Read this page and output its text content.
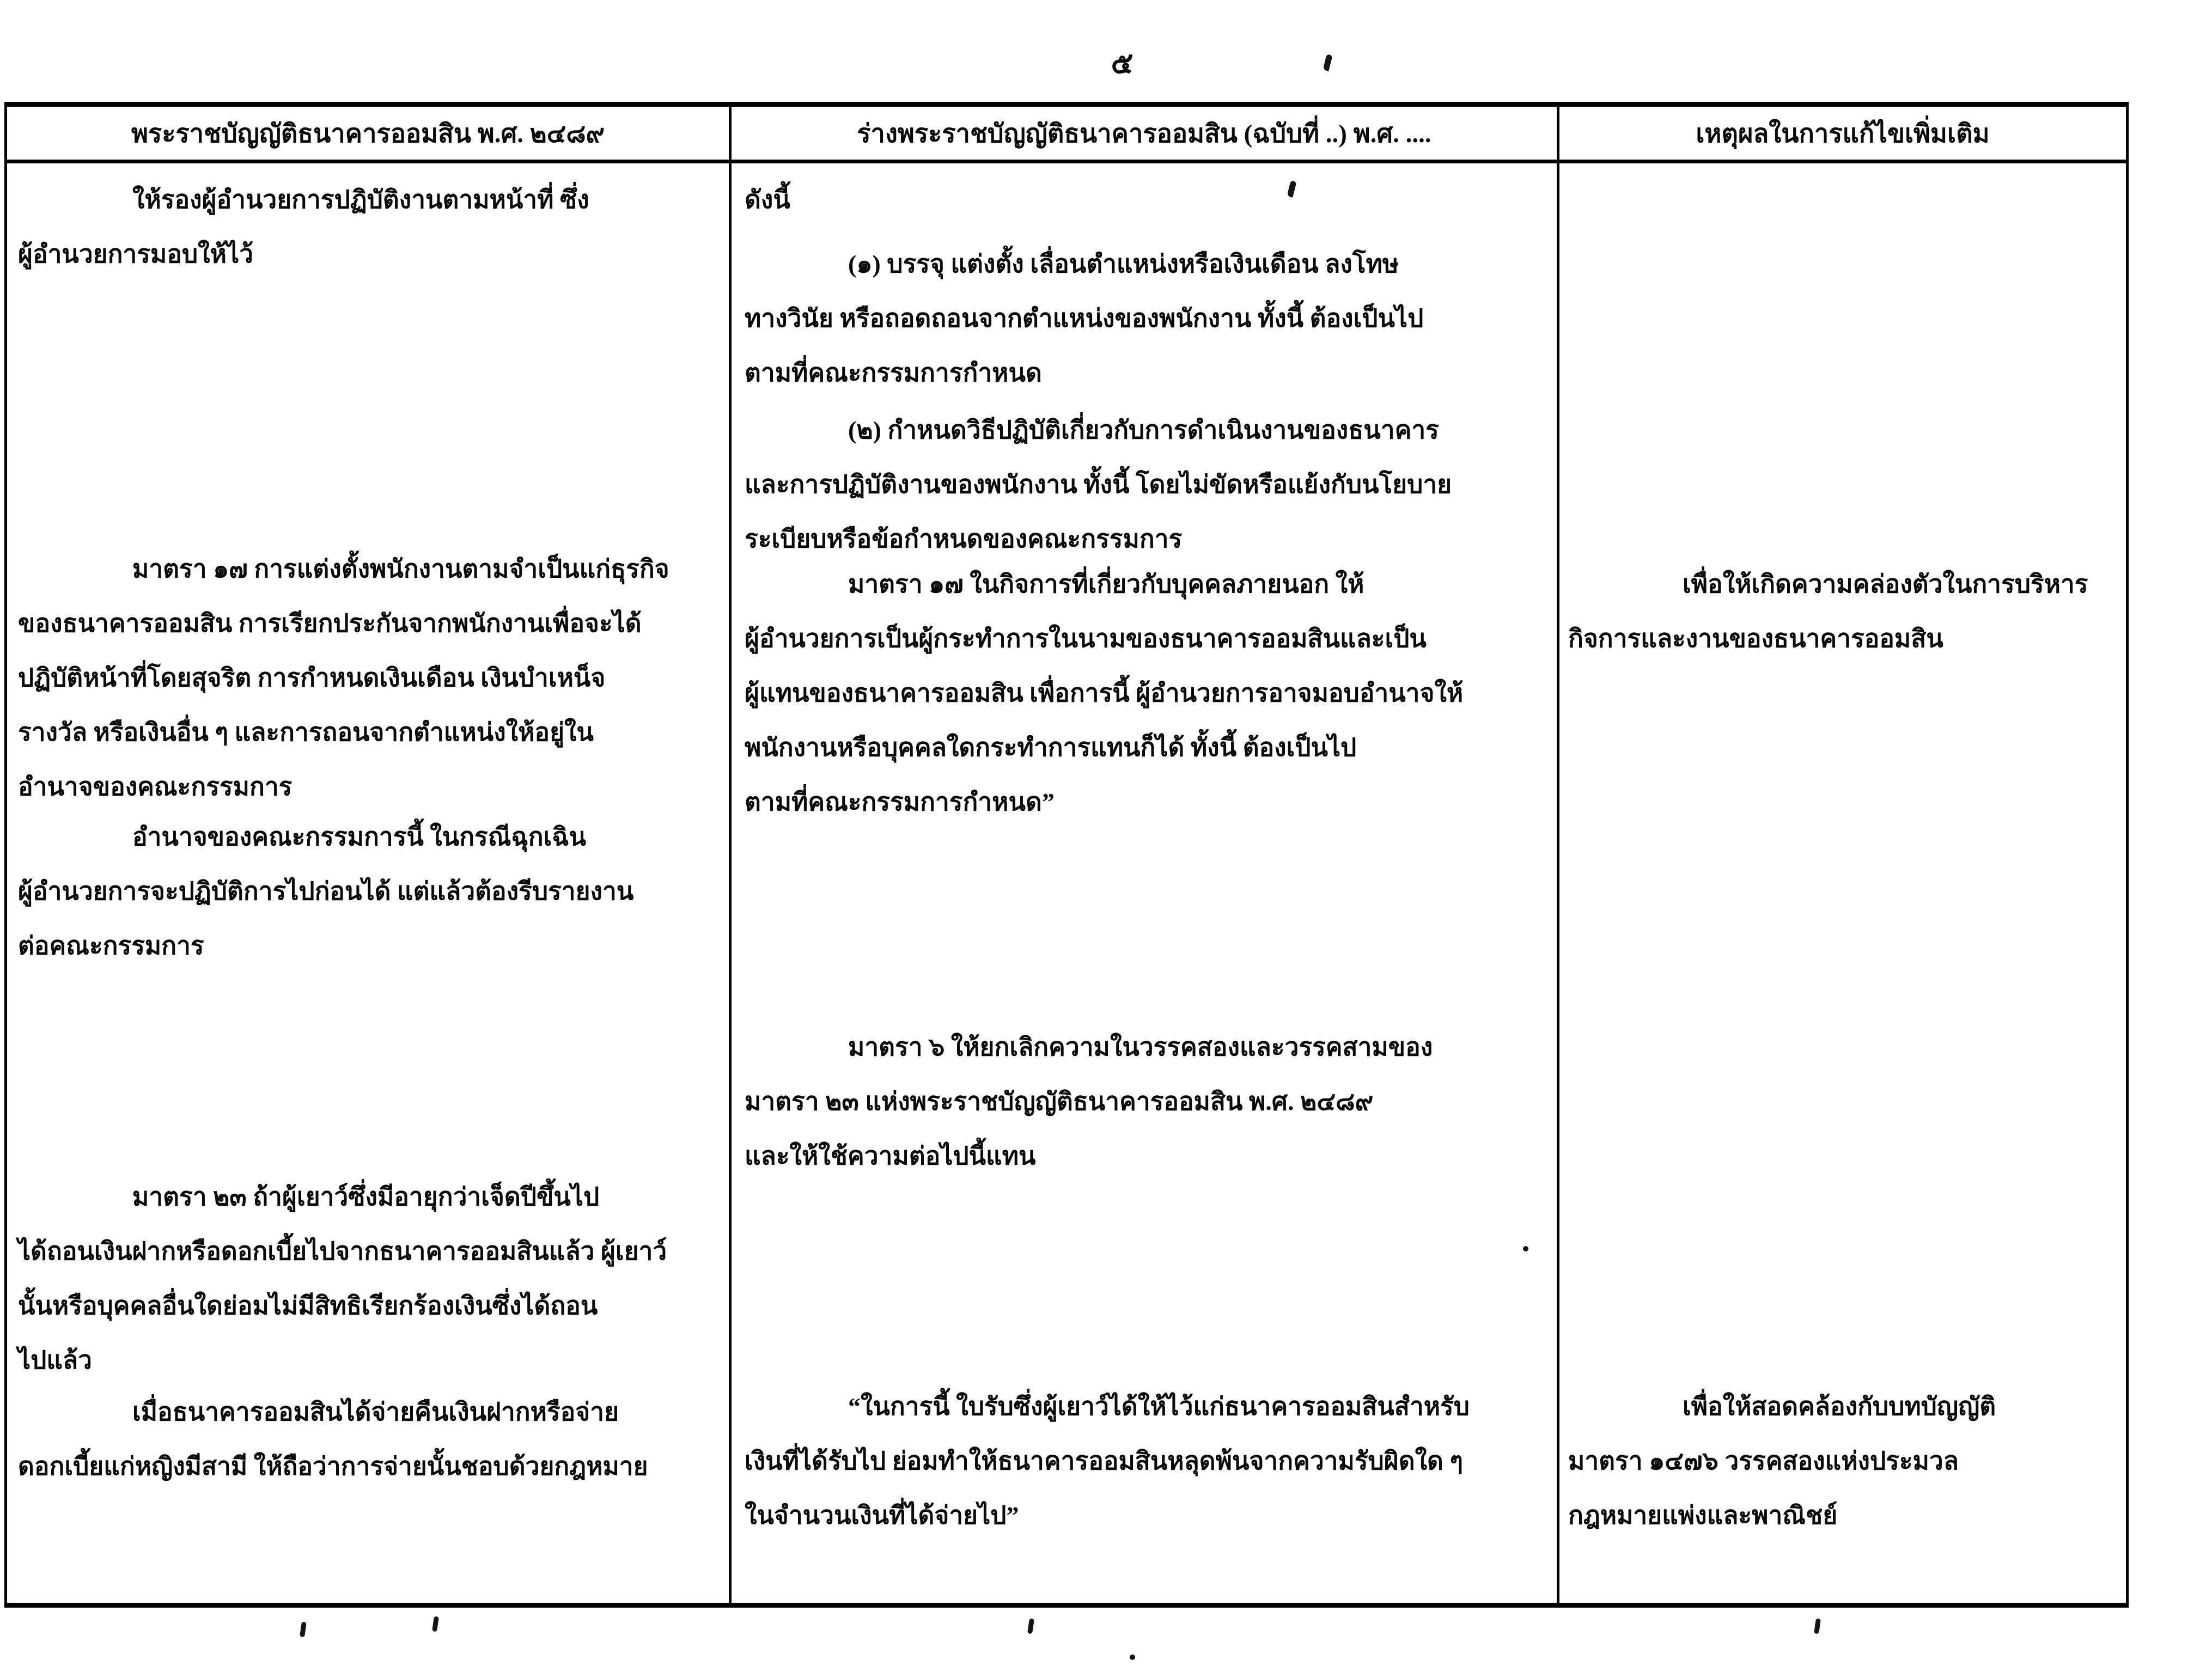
๕
พระราชบัญญัติธนาคารออมสิน พ.ศ. ๒๔๘๙	ร่างพระราชบัญญัติธนาคารออมสิน (ฉบับที่ ..) พ.ศ. ....	เหตุผลในการแก้ไขเพิ่มเติม
ให้รองผู้อำนวยการปฏิบัติงานตามหน้าที่ ซึ่ง
ผู้อำนวยการมอบให้ไว้
มาตรา ๑๗ การแต่งตั้งพนักงานตามจำเป็นแก่ธุรกิจ
ของธนาคารออมสิน การเรียกประกันจากพนักงานเพื่อจะได้
ปฏิบัติหน้าที่โดยสุจริต การกำหนดเงินเดือน เงินบำเหน็จ
รางวัล หรือเงินอื่น ๆ และการถอนจากตำแหน่งให้อยู่ใน
อำนาจของคณะกรรมการ
อำนาจของคณะกรรมการนี้ ในกรณีฉุกเฉิน
ผู้อำนวยการจะปฏิบัติการไปก่อนได้ แต่แล้วต้องรีบรายงาน
ต่อคณะกรรมการ
มาตรา ๒๓ ถ้าผู้เยาว์ซึ่งมีอายุกว่าเจ็ดปีขึ้นไป
ได้ถอนเงินฝากหรือดอกเบี้ยไปจากธนาคารออมสินแล้ว ผู้เยาว์
นั้นหรือบุคคลอื่นใดย่อมไม่มีสิทธิเรียกร้องเงินซึ่งได้ถอน
ไปแล้ว
เมื่อธนาคารออมสินได้จ่ายคืนเงินฝากหรือจ่าย
ดอกเบี้ยแก่หญิงมีสามี ให้ถือว่าการจ่ายนั้นชอบด้วยกฎหมาย
ดังนี้
(๑) บรรจุ แต่งตั้ง เลื่อนตำแหน่งหรือเงินเดือน ลงโทษ
ทางวินัย หรือถอดถอนจากตำแหน่งของพนักงาน ทั้งนี้ ต้องเป็นไป
ตามที่คณะกรรมการกำหนด
(๒) กำหนดวิธีปฏิบัติเกี่ยวกับการดำเนินงานของธนาคาร
และการปฏิบัติงานของพนักงาน ทั้งนี้ โดยไม่ขัดหรือแย้งกับนโยบาย
ระเบียบหรือข้อกำหนดของคณะกรรมการ
มาตรา ๑๗ ในกิจการที่เกี่ยวกับบุคคลภายนอก ให้
ผู้อำนวยการเป็นผู้กระทำการในนามของธนาคารออมสินและเป็น
ผู้แทนของธนาคารออมสิน เพื่อการนี้ ผู้อำนวยการอาจมอบอำนาจให้
พนักงานหรือบุคคลใดกระทำการแทนก็ได้ ทั้งนี้ ต้องเป็นไป
ตามที่คณะกรรมการกำหนด”
มาตรา ๖ ให้ยกเลิกความในวรรคสองและวรรคสามของ
มาตรา ๒๓ แห่งพระราชบัญญัติธนาคารออมสิน พ.ศ. ๒๔๘๙
และให้ใช้ความต่อไปนี้แทน
“ในการนี้ ใบรับซึ่งผู้เยาว์ได้ให้ไว้แก่ธนาคารออมสินสำหรับ
เงินที่ได้รับไป ย่อมทำให้ธนาคารออมสินหลุดพ้นจากความรับผิดใด ๆ
ในจำนวนเงินที่ได้จ่ายไป”
เพื่อให้เกิดความคล่องตัวในการบริหาร
กิจการและงานของธนาคารออมสิน
เพื่อให้สอดคล้องกับบทบัญญัติ
มาตรา ๑๔๗๖ วรรคสองแห่งประมวล
กฎหมายแพ่งและพาณิชย์
